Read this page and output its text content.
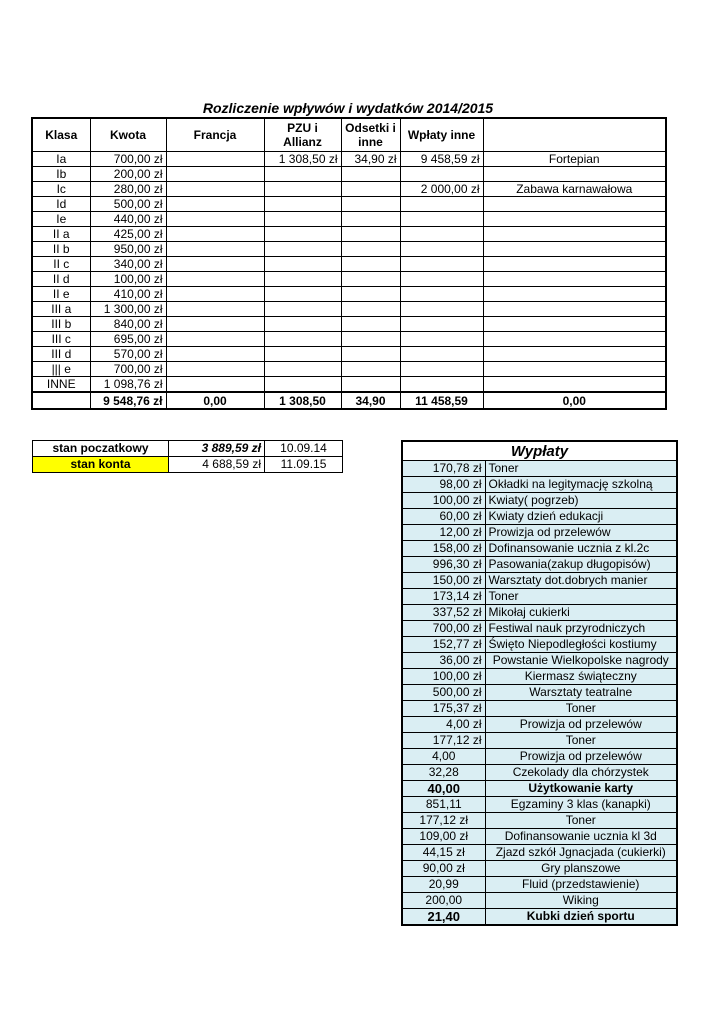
Rozliczenie wpływów i wydatków 2014/2015
Klasa	Kwota	Francja	PZU i
Allianz	Odsetki i
inne	Wpłaty inne	
Ia	700,00 zł		1 308,50 zł	34,90 zł	9 458,59 zł	Fortepian
Ib	200,00 zł					
Ic	280,00 zł				2 000,00 zł	Zabawa karnawałowa
Id	500,00 zł					
Ie	440,00 zł					
II a	425,00 zł					
II b	950,00 zł					
II c	340,00 zł					
II d	100,00 zł					
II e	410,00 zł					
III a	1 300,00 zł					
III b	840,00 zł					
III c	695,00 zł					
III d	570,00 zł					
||| e	700,00 zł					
INNE	1 098,76 zł					
	9 548,76 zł	0,00	1 308,50	34,90	11 458,59	0,00
stan poczatkowy	3 889,59 zł	10.09.14
stan konta	4 688,59 zł	11.09.15
Wypłaty	
170,78 zł	Toner
98,00 zł	Okładki na legitymację szkolną
100,00 zł	Kwiaty( pogrzeb)
60,00 zł	Kwiaty dzień edukacji
12,00 zł	Prowizja od przelewów
158,00 zł	Dofinansowanie ucznia z kl.2c
996,30 zł	Pasowania(zakup długopisów)
150,00 zł	Warsztaty dot.dobrych manier
173,14 zł	Toner
337,52 zł	Mikołaj cukierki
700,00 zł	Festiwal nauk przyrodniczych
152,77 zł	Święto Niepodległości kostiumy
36,00 zł	Powstanie Wielkopolske nagrody
100,00 zł	Kiermasz świąteczny
500,00 zł	Warsztaty teatralne
175,37 zł	Toner
4,00 zł	Prowizja od przelewów
177,12 zł	Toner
4,00	Prowizja od przelewów
32,28	Czekolady dla chórzystek
40,00	Użytkowanie karty
851,11	Egzaminy 3 klas (kanapki)
177,12 zł	Toner
109,00 zł	Dofinansowanie ucznia kl 3d
44,15 zł	Zjazd szkół Jgnacjada (cukierki)
90,00 zł	Gry planszowe
20,99	Fluid (przedstawienie)
200,00	Wiking
21,40	Kubki dzień sportu
